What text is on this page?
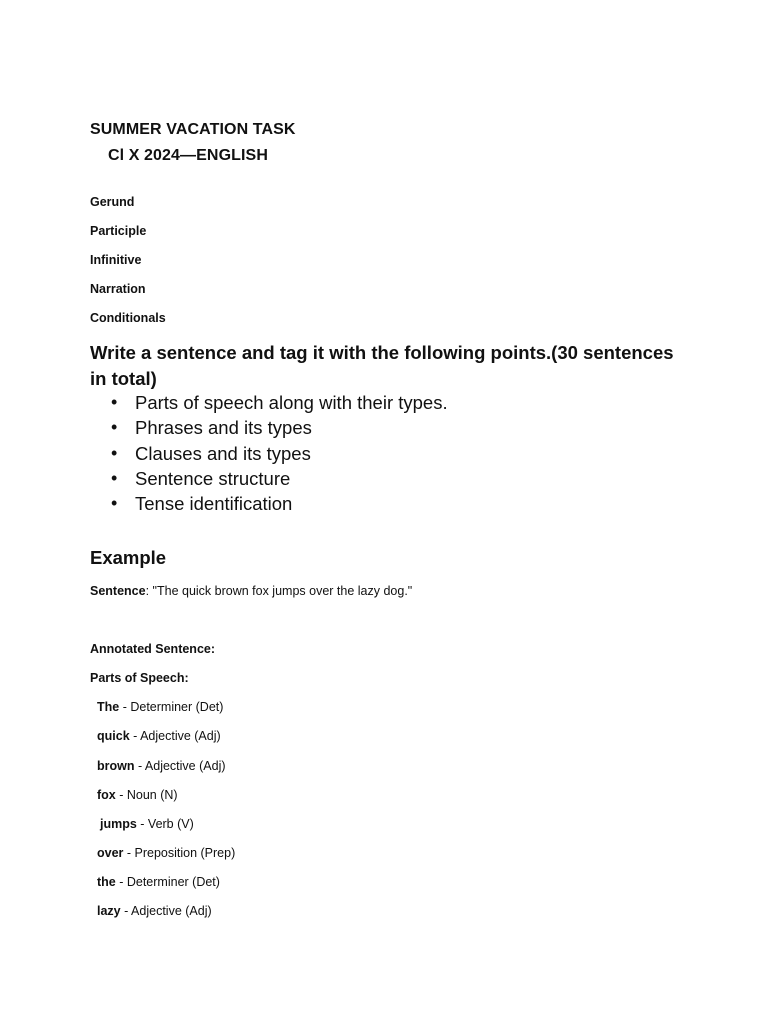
SUMMER VACATION TASK
Cl X 2024—ENGLISH
Gerund
Participle
Infinitive
Narration
Conditionals
Write a sentence and tag it with the following points.(30 sentences in total)
• Parts of speech along with their types.
• Phrases and its types
• Clauses and its types
• Sentence structure
• Tense identification
Example
Sentence: "The quick brown fox jumps over the lazy dog."
Annotated Sentence:
Parts of Speech:
The - Determiner (Det)
quick - Adjective (Adj)
brown - Adjective (Adj)
fox - Noun (N)
jumps - Verb (V)
over - Preposition (Prep)
the - Determiner (Det)
lazy - Adjective (Adj)
